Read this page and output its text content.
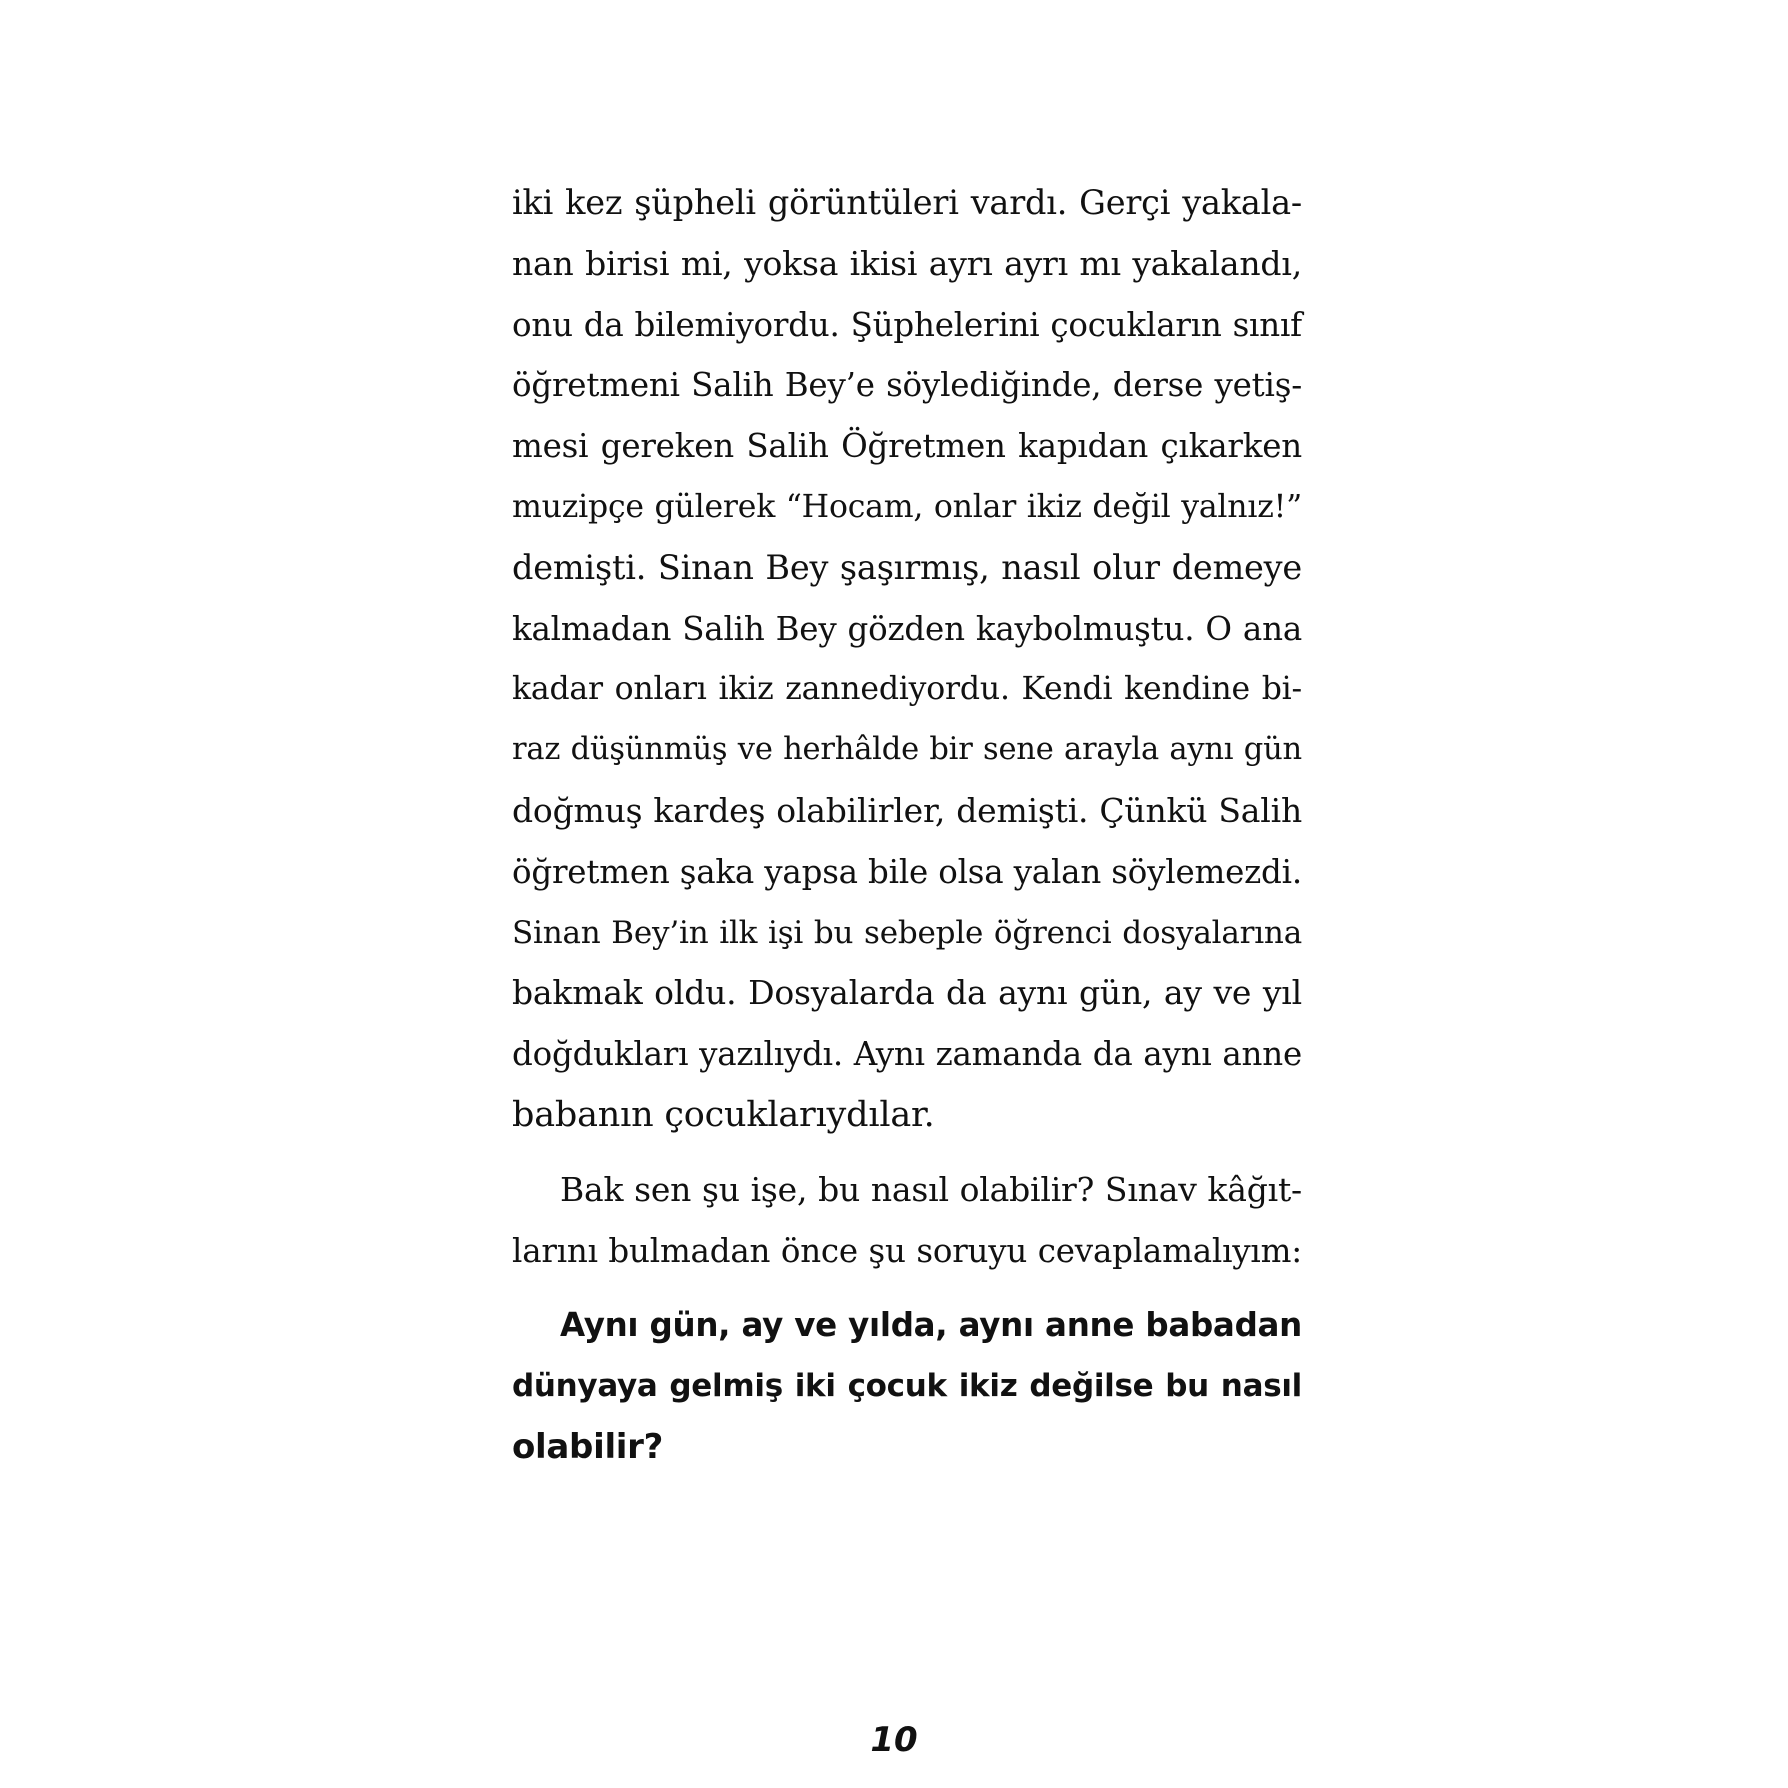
iki kez şüpheli görüntüleri vardı. Gerçi yakala-
nan birisi mi, yoksa ikisi ayrı ayrı mı yakalandı,
onu da bilemiyordu. Şüphelerini çocukların sınıf
öğretmeni Salih Bey’e söylediğinde, derse yetiş-
mesi gereken Salih Öğretmen kapıdan çıkarken
muzipçe gülerek “Hocam, onlar ikiz değil yalnız!”
demişti. Sinan Bey şaşırmış, nasıl olur demeye
kalmadan Salih Bey gözden kaybolmuştu. O ana
kadar onları ikiz zannediyordu. Kendi kendine bi-
raz düşünmüş ve herhâlde bir sene arayla aynı gün
doğmuş kardeş olabilirler, demişti. Çünkü Salih
öğretmen şaka yapsa bile olsa yalan söylemezdi.
Sinan Bey’in ilk işi bu sebeple öğrenci dosyalarına
bakmak oldu. Dosyalarda da aynı gün, ay ve yıl
doğdukları yazılıydı. Aynı zamanda da aynı anne
babanın çocuklarıydılar.
Bak sen şu işe, bu nasıl olabilir? Sınav kâğıt-
larını bulmadan önce şu soruyu cevaplamalıyım:
Aynı gün, ay ve yılda, aynı anne babadan
dünyaya gelmiş iki çocuk ikiz değilse bu nasıl
olabilir?
10
